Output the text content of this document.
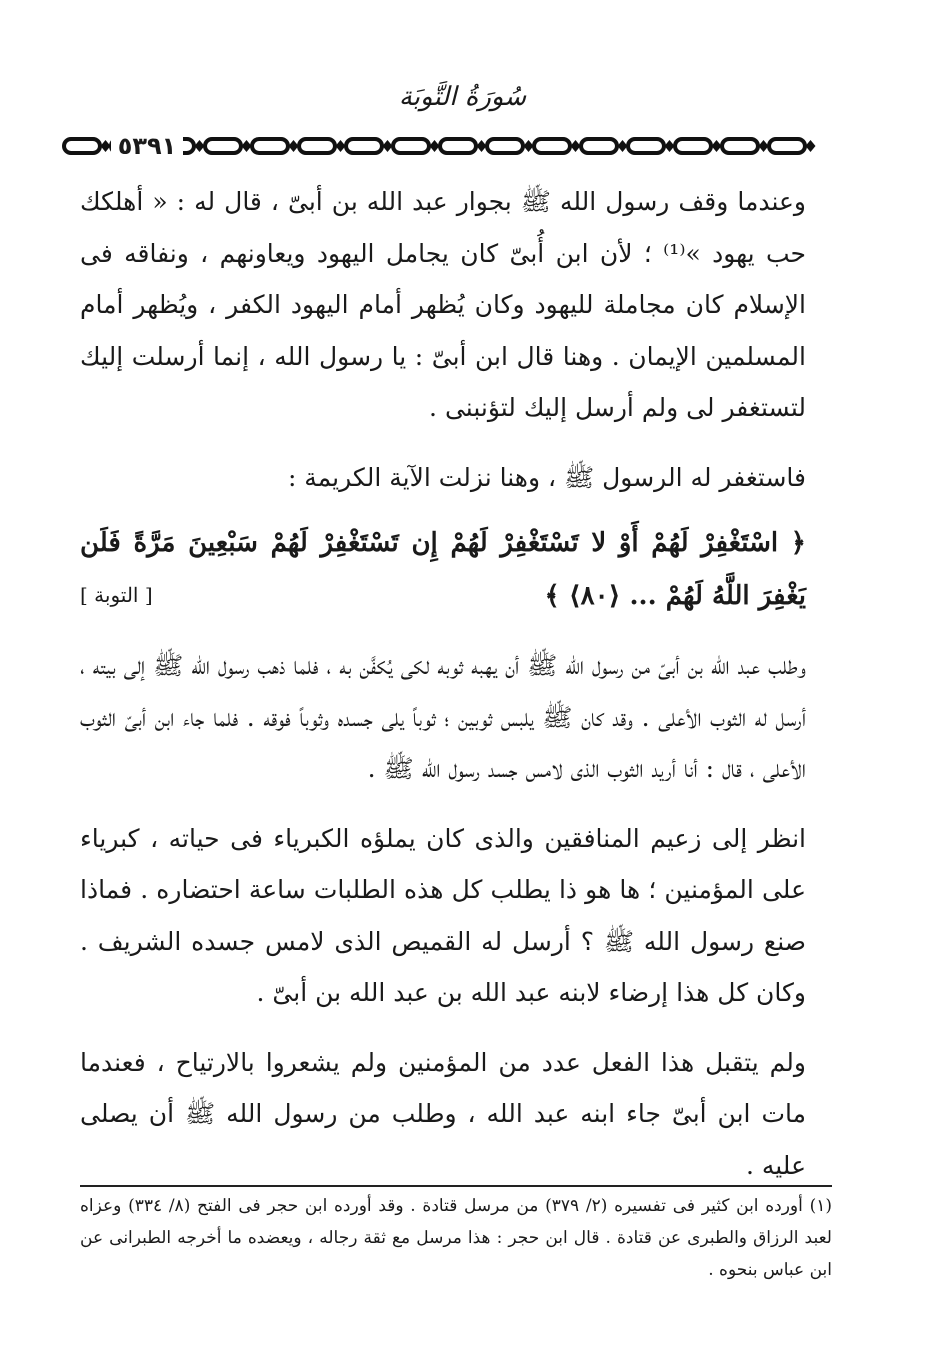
سُورَةُ التَّوبَة
٥٣٩١

وعندما وقف رسول الله ﷺ بجوار عبد الله بن أبىّ ، قال له : « أهلكك حب يهود »⁽¹⁾ ؛ لأن ابن أُبىّ كان يجامل اليهود ويعاونهم ، ونفاقه فى الإسلام كان مجاملة لليهود وكان يُظهر أمام اليهود الكفر ، ويُظهر أمام المسلمين الإيمان . وهنا قال ابن أبىّ : يا رسول الله ، إنما أرسلت إليك لتستغفر لى ولم أرسل إليك لتؤنبنى .

فاستغفر له الرسول ﷺ ، وهنا نزلت الآية الكريمة :

﴿ اسْتَغْفِرْ لَهُمْ أَوْ لا تَسْتَغْفِرْ لَهُمْ إِن تَسْتَغْفِرْ لَهُمْ سَبْعِينَ مَرَّةً فَلَن يَغْفِرَ اللَّهُ لَهُمْ ... ⟨٨٠⟩ ﴾
[ التوبة ]

وطلب عبد الله بن أبىّ من رسول الله ﷺ أن يهبه ثوبه لكى يُكفَّن به ، فلما ذهب رسول الله ﷺ إلى بيته ، أرسل له الثوب الأعلى . وقد كان ﷺ يلبس ثوبين ؛ ثوباً يلى جسده وثوباً فوقه . فلما جاء ابن أبىّ الثوب الأعلى ، قال : أنا أريد الثوب الذى لامس جسد رسول الله ﷺ .

انظر إلى زعيم المنافقين والذى كان يملؤه الكبرياء فى حياته ، كبرياء على المؤمنين ؛ ها هو ذا يطلب كل هذه الطلبات ساعة احتضاره . فماذا صنع رسول الله ﷺ ؟ أرسل له القميص الذى لامس جسده الشريف . وكان كل هذا إرضاء لابنه عبد الله بن عبد الله بن أبىّ .

ولم يتقبل هذا الفعل عدد من المؤمنين ولم يشعروا بالارتياح ، فعندما مات ابن أبىّ جاء ابنه عبد الله ، وطلب من رسول الله ﷺ أن يصلى عليه .

(١) أورده ابن كثير فى تفسيره (٢/ ٣٧٩) من مرسل قتادة . وقد أورده ابن حجر فى الفتح (٨/ ٣٣٤) وعزاه لعبد الرزاق والطبرى عن قتادة . قال ابن حجر : هذا مرسل مع ثقة رجاله ، ويعضده ما أخرجه الطبرانى عن ابن عباس بنحوه .
